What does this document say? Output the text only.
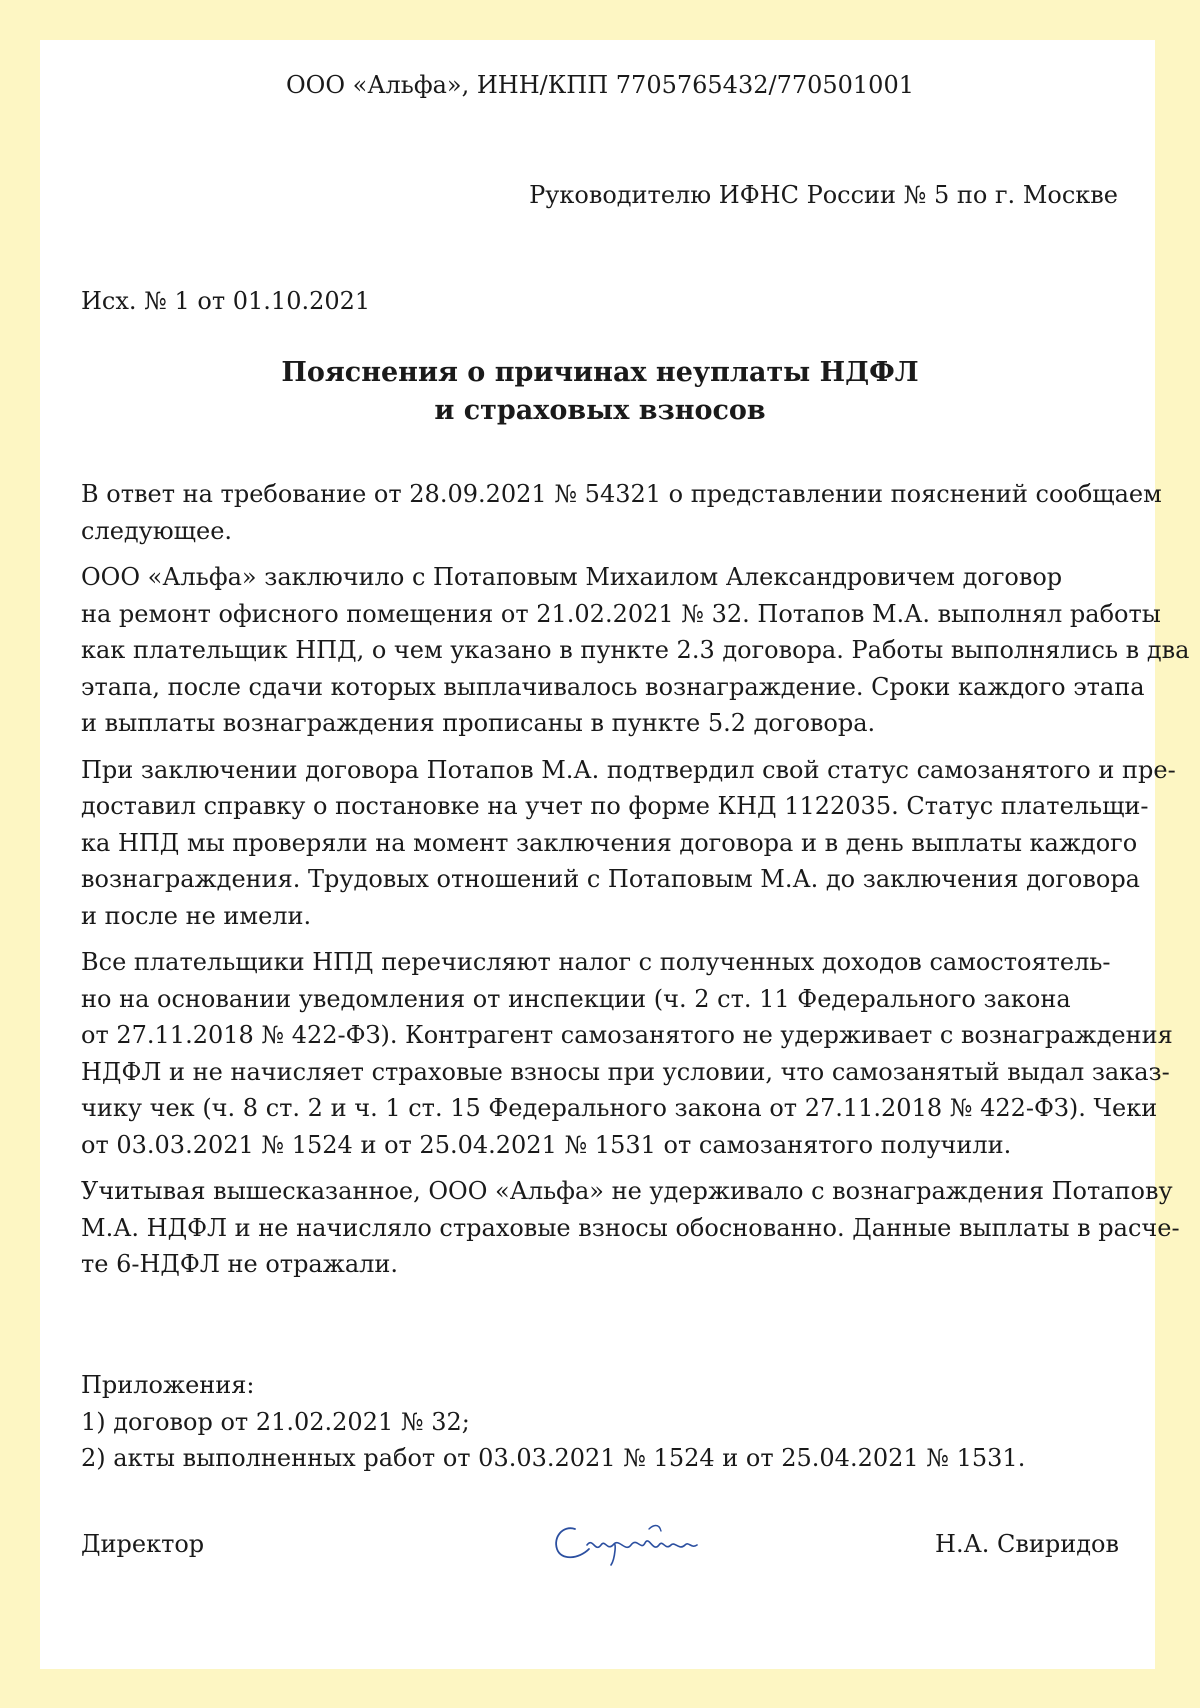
ООО «Альфа», ИНН/КПП 7705765432/770501001
Руководителю ИФНС России № 5 по г. Москве
Исх. № 1 от 01.10.2021
Пояснения о причинах неуплаты НДФЛ
и страховых взносов
В ответ на требование от 28.09.2021 № 54321 о представлении пояснений сообщаем
следующее.
ООО «Альфа» заключило с Потаповым Михаилом Александровичем договор
на ремонт офисного помещения от 21.02.2021 № 32. Потапов М.А. выполнял работы
как плательщик НПД, о чем указано в пункте 2.3 договора. Работы выполнялись в два
этапа, после сдачи которых выплачивалось вознаграждение. Сроки каждого этапа
и выплаты вознаграждения прописаны в пункте 5.2 договора.
При заключении договора Потапов М.А. подтвердил свой статус самозанятого и пре-
доставил справку о постановке на учет по форме КНД 1122035. Статус плательщи-
ка НПД мы проверяли на момент заключения договора и в день выплаты каждого
вознаграждения. Трудовых отношений с Потаповым М.А. до заключения договора
и после не имели.
Все плательщики НПД перечисляют налог с полученных доходов самостоятель-
но на основании уведомления от инспекции (ч. 2 ст. 11 Федерального закона
от 27.11.2018 № 422-ФЗ). Контрагент самозанятого не удерживает с вознаграждения
НДФЛ и не начисляет страховые взносы при условии, что самозанятый выдал заказ-
чику чек (ч. 8 ст. 2 и ч. 1 ст. 15 Федерального закона от 27.11.2018 № 422-ФЗ). Чеки
от 03.03.2021 № 1524 и от 25.04.2021 № 1531 от самозанятого получили.
Учитывая вышесказанное, ООО «Альфа» не удерживало с вознаграждения Потапову
М.А. НДФЛ и не начисляло страховые взносы обоснованно. Данные выплаты в расче-
те 6-НДФЛ не отражали.
Приложения:
1) договор от 21.02.2021 № 32;
2) акты выполненных работ от 03.03.2021 № 1524 и от 25.04.2021 № 1531.
Директор	Н.А. Свиридов
